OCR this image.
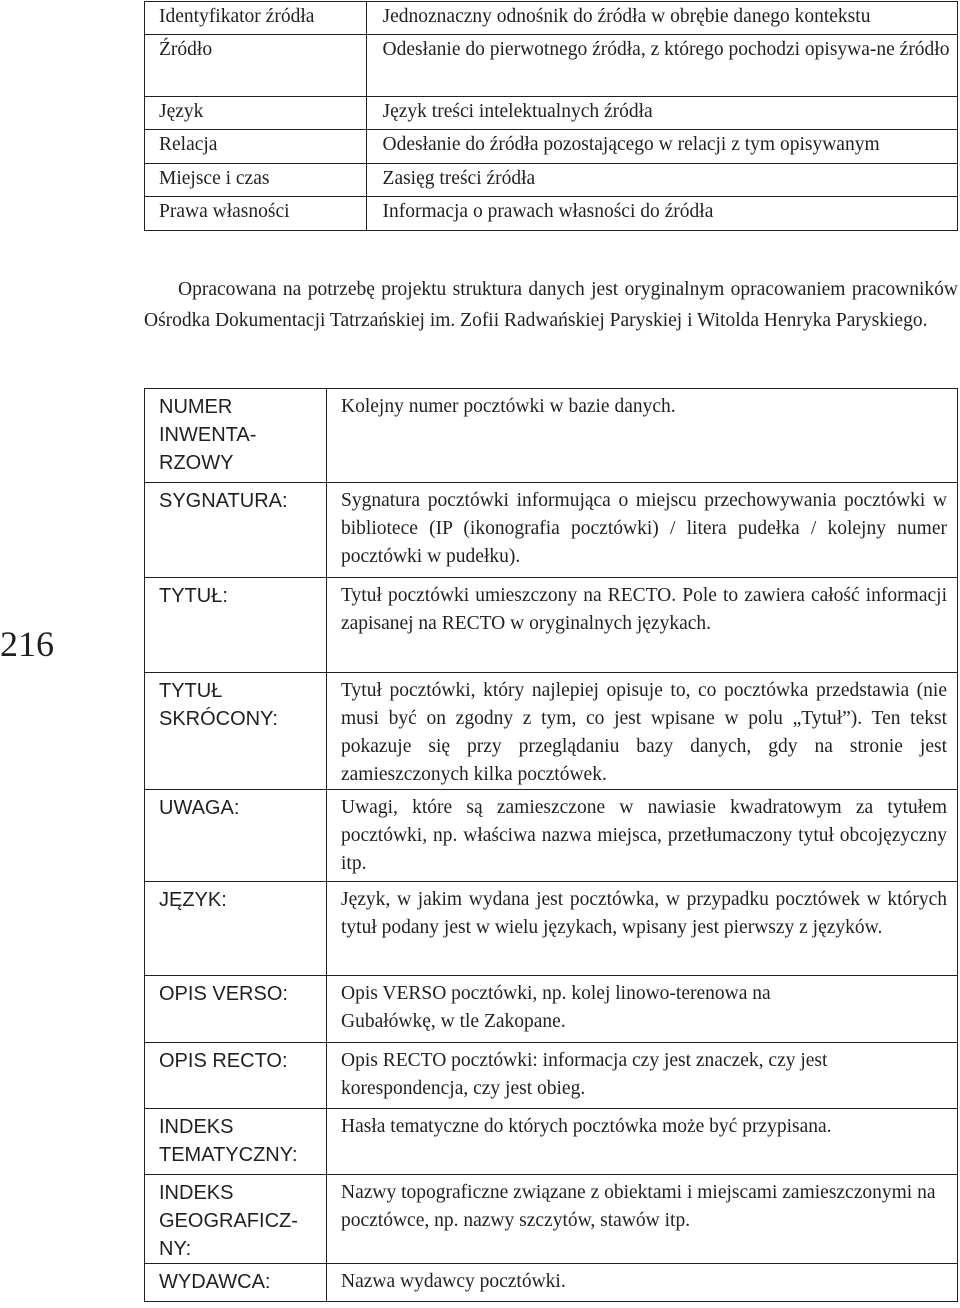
Identyfikator źródła	Jednoznaczny odnośnik do źródła w obrębie danego kontekstu
Źródło	Odesłanie do pierwotnego źródła, z którego pochodzi opisywa-ne źródło
Język	Język treści intelektualnych źródła
Relacja	Odesłanie do źródła pozostającego w relacji z tym opisywanym
Miejsce i czas	Zasięg treści źródła
Prawa własności	Informacja o prawach własności do źródła
Opracowana na potrzebę projektu struktura danych jest oryginalnym opracowaniem pracowników Ośrodka Dokumentacji Tatrzańskiej im. Zofii Radwańskiej Paryskiej i Witolda Henryka Paryskiego.
216
NUMER INWENTA-RZOWY	Kolejny numer pocztówki w bazie danych.
SYGNATURA:	Sygnatura pocztówki informująca o miejscu przechowywania pocztówki w bibliotece (IP (ikonografia pocztówki) / litera pudełka / kolejny numer pocztówki w pudełku).
TYTUŁ:	Tytuł pocztówki umieszczony na RECTO. Pole to zawiera całość informacji zapisanej na RECTO w oryginalnych językach.

TYTUŁ SKRÓCONY:	Tytuł pocztówki, który najlepiej opisuje to, co pocztówka przedstawia (nie musi być on zgodny z tym, co jest wpisane w polu „Tytuł”). Ten tekst pokazuje się przy przeglądaniu bazy danych, gdy na stronie jest zamieszczonych kilka pocztówek.
UWAGA:	Uwagi, które są zamieszczone w nawiasie kwadratowym za tytułem pocztówki, np. właściwa nazwa miejsca, przetłumaczony tytuł obcojęzyczny itp.
JĘZYK:	Język, w jakim wydana jest pocztówka, w przypadku pocztówek w których tytuł podany jest w wielu językach, wpisany jest pierwszy z języków.
OPIS VERSO:	Opis VERSO pocztówki, np. kolej linowo-terenowa na Gubałówkę, w tle Zakopane.

OPIS RECTO:	Opis RECTO pocztówki: informacja czy jest znaczek, czy jest korespondencja, czy jest obieg.

INDEKS TEMATYCZNY:	Hasła tematyczne do których pocztówka może być przypisana.

INDEKS GEOGRAFICZ-NY:	Nazwy topograficzne związane z obiektami i miejscami zamieszczonymi na pocztówce, np. nazwy szczytów, stawów itp.

WYDAWCA:	Nazwa wydawcy pocztówki.
